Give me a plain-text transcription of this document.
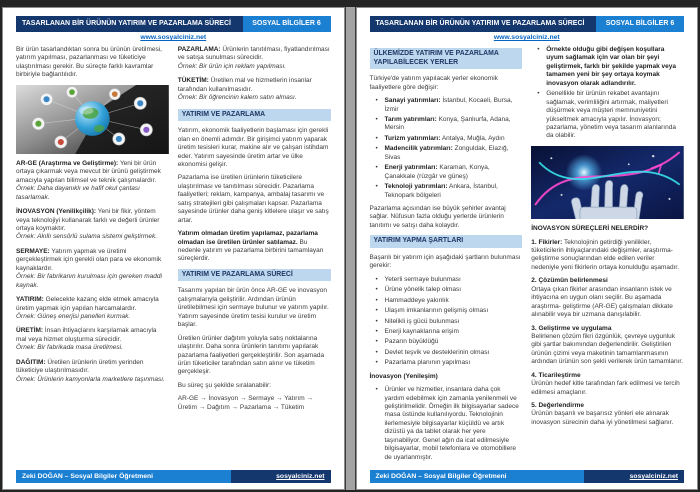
TASARLANAN BİR ÜRÜNÜN YATIRIM VE PAZARLAMA SÜRECİ	SOSYAL BİLGİLER 6
www.sosyalciniz.net

Bir ürün tasarlandıktan sonra bu ürünün üretilmesi, yatırım yapılması, pazarlanması ve tüketiciye ulaştırılması gerekir. Bu süreçte farklı kavramlar birbiriyle bağlantılıdır.

AR-GE (Araştırma ve Geliştirme): Yeni bir ürün ortaya çıkarmak veya mevcut bir ürünü geliştirmek amacıyla yapılan bilimsel ve teknik çalışmalardır.
Örnek: Daha dayanıklı ve hafif okul çantası tasarlamak.
İNOVASYON (Yenilikçilik): Yeni bir fikir, yöntem veya teknolojiyi kullanarak farklı ve değerli ürünler ortaya koymaktır.
Örnek: Akıllı sensörlü sulama sistemi geliştirmek.
SERMAYE: Yatırım yapmak ve üretimi gerçekleştirmek için gerekli olan para ve ekonomik kaynaklardır.
Örnek: Bir fabrikanın kurulması için gereken maddi kaynak.
YATIRIM: Gelecekte kazanç elde etmek amacıyla üretim yapmak için yapılan harcamalardır.
Örnek: Güneş enerjisi panelleri kurmak.
ÜRETİM: İnsan ihtiyaçlarını karşılamak amacıyla mal veya hizmet oluşturma sürecidir.
Örnek: Bir fabrikada masa üretilmesi.
DAĞITIM: Üretilen ürünlerin üretim yerinden tüketiciye ulaştırılmasıdır.
Örnek: Ürünlerin kamyonlarla marketlere taşınması.
PAZARLAMA: Ürünlerin tanıtılması, fiyatlandırılması ve satışa sunulması sürecidir.
Örnek: Bir ürün için reklam yapılması.
TÜKETİM: Üretilen mal ve hizmetlerin insanlar tarafından kullanılmasıdır.
Örnek: Bir öğrencinin kalem satın alması.
YATIRIM VE PAZARLAMA

Yatırım, ekonomik faaliyetlerin başlaması için gerekli olan en önemli adımdır. Bir girişimci yatırım yaparak üretim tesisleri kurar, makine alır ve çalışan istihdam eder. Yatırım sayesinde üretim artar ve ülke ekonomisi gelişir.

Pazarlama ise üretilen ürünlerin tüketicilere ulaştırılması ve tanıtılması sürecidir. Pazarlama faaliyetleri; reklam, kampanya, ambalaj tasarımı ve satış stratejileri gibi çalışmaları kapsar. Pazarlama sayesinde ürünler daha geniş kitlelere ulaşır ve satış artar.

Yatırım olmadan üretim yapılamaz, pazarlama olmadan ise üretilen ürünler satılamaz. Bu nedenle yatırım ve pazarlama birbirini tamamlayan süreçlerdir.

YATIRIM VE PAZARLAMA SÜRECİ

Tasarımı yapılan bir ürün önce AR-GE ve inovasyon çalışmalarıyla geliştirilir. Ardından ürünün üretilebilmesi için sermaye bulunur ve yatırım yapılır. Yatırım sayesinde üretim tesisi kurulur ve üretim başlar.

Üretilen ürünler dağıtım yoluyla satış noktalarına ulaştırılır. Daha sonra ürünlerin tanıtımı yapılarak pazarlama faaliyetleri gerçekleştirilir. Son aşamada ürün tüketiciler tarafından satın alınır ve tüketim gerçekleşir.

Bu süreç şu şekilde sıralanabilir:

AR-GE → İnovasyon → Sermaye → Yatırım → Üretim → Dağıtım → Pazarlama → Tüketim

Zeki DOĞAN – Sosyal Bilgiler Öğretmeni	sosyalciniz.net
TASARLANAN BİR ÜRÜNÜN YATIRIM VE PAZARLAMA SÜRECİ	SOSYAL BİLGİLER 6
www.sosyalciniz.net
ÜLKEMİZDE YATIRIM VE PAZARLAMA YAPILABİLECEK YERLER

Türkiye'de yatırım yapılacak yerler ekonomik faaliyetlere göre değişir:

•	Sanayi yatırımları: İstanbul, Kocaeli, Bursa, İzmir
•	Tarım yatırımları: Konya, Şanlıurfa, Adana, Mersin
•	Turizm yatırımları: Antalya, Muğla, Aydın
•	Madencilik yatırımları: Zonguldak, Elazığ, Sivas
•	Enerji yatırımları: Karaman, Konya, Çanakkale (rüzgâr ve güneş)
•	Teknoloji yatırımları: Ankara, İstanbul, Teknopark bölgeleri

Pazarlama açısından ise büyük şehirler avantaj sağlar. Nüfusun fazla olduğu yerlerde ürünlerin tanıtımı ve satışı daha kolaydır.

YATIRIM YAPMA ŞARTLARI

Başarılı bir yatırım için aşağıdaki şartların bulunması gerekir:

•	Yeterli sermaye bulunması
•	Ürüne yönelik talep olması
•	Hammaddeye yakınlık
•	Ulaşım imkanlarının gelişmiş olması
•	Nitelikli iş gücü bulunması
•	Enerji kaynaklarına erişim
•	Pazarın büyüklüğü
•	Devlet teşvik ve desteklerinin olması
•	Pazarlama planının yapılması
İnovasyon (Yenileşim)
•	Ürünler ve hizmetler, insanlara daha çok yardım edebilmek için zamanla yenilenmeli ve geliştirilmelidir. Örneğin ilk bilgisayarlar sadece masa üstünde kullanılıyordu. Teknolojinin ilerlemesiyle bilgisayarlar küçüldü ve artık dizüstü ya da tablet olarak her yere taşınabiliyor. Genel ağın da icat edilmesiyle bilgisayarlar, mobil telefonlara ve otomobillere de uyarlanmıştır.
•	Örnekte olduğu gibi değişen koşullara uyum sağlamak için var olan bir şeyi geliştirmek, farklı bir şekilde yapmak veya tamamen yeni bir şey ortaya koymak inovasyon olarak adlandırılır.
•	Genellikle bir ürünün rekabet avantajını sağlamak, verimliliğini artırmak, maliyetleri düşürmek veya müşteri memnuniyetini yükseltmek amacıyla yapılır. İnovasyon; pazarlama, yönetim veya tasarım alanlarında da olabilir.
İNOVASYON SÜREÇLERİ NELERDİR?

1. Fikirler: Teknolojinin getirdiği yenilikler, tüketicilerin ihtiyaçlarındaki değişimler, araştırma-geliştirme sonuçlarından elde edilen veriler nedeniyle yeni fikirlerin ortaya konulduğu aşamadır.

2. Çözümün belirlenmesi
Ortaya çıkan fikirler arasından insanların istek ve ihtiyacına en uygun olanı seçilir. Bu aşamada araştırma- geliştirme (AR-GE) çalışmaları dikkate alınabilir veya bir uzmana danışılabilir.

3. Geliştirme ve uygulama
Belirlenen çözüm fikri özgünlük, çevreye uygunluk gibi şartlar bakımından değerlendirilir. Geliştirilen ürünün çizimi veya maketinin tamamlanmasının ardından ürünün son şekli verilerek ürün tamamlanır.

4. Ticarileştirme
Ürünün hedef kitle tarafından fark edilmesi ve tercih edilmesi amaçlanır.

5. Değerlendirme
Ürünün başarılı ve başarısız yönleri ele alınarak inovasyon sürecinin daha iyi yönetilmesi sağlanır.

Zeki DOĞAN – Sosyal Bilgiler Öğretmeni	sosyalciniz.net
